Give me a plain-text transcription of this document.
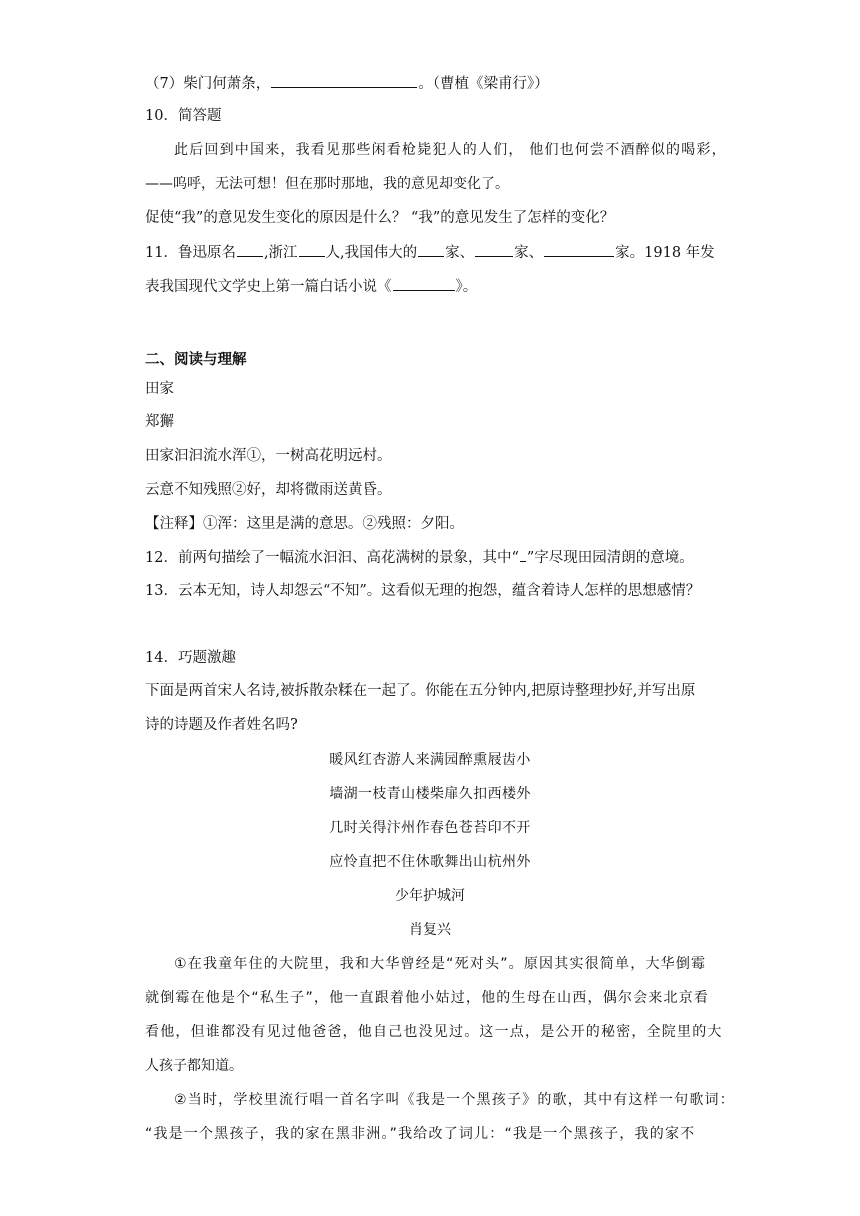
（7）柴门何萧条，	。（曹植《梁甫行》）
10．简答题
此后回到中国来，我看见那些闲看枪毙犯人的人们， 他们也何尝不酒醉似的喝彩，
——呜呼，无法可想！但在那时那地，我的意见却变化了。
促使“我”的意见发生变化的原因是什么？ “我”的意见发生了怎样的变化？
11．鲁迅原名 ,浙江 人,我国伟大的 家、	家、	家。1918 年发
表我国现代文学史上第一篇白话小说《	》。
二、阅读与理解
田家
郑獬
田家汩汩流水浑①，一树高花明远村。
云意不知残照②好，却将微雨送黄昏。
【注释】①浑：这里是满的意思。②残照：夕阳。
12．前两句描绘了一幅流水汩汩、高花满树的景象，其中“ ”字尽现田园清朗的意境。
13．云本无知，诗人却怨云“不知”。这看似无理的抱怨，蕴含着诗人怎样的思想感情？
14．巧题激趣
下面是两首宋人名诗,被拆散杂糅在一起了。你能在五分钟内,把原诗整理抄好,并写出原
诗的诗题及作者姓名吗?
暖风红杏游人来满园醉熏屐齿小
墙湖一枝青山楼柴扉久扣西楼外
几时关得汴州作春色苍苔印不开
应怜直把不住休歌舞出山杭州外
少年护城河
肖复兴
①在我童年住的大院里，我和大华曾经是“死对头”。原因其实很简单，大华倒霉
就倒霉在他是个“私生子”，他一直跟着他小姑过，他的生母在山西，偶尔会来北京看
看他，但谁都没有见过他爸爸，他自己也没见过。这一点，是公开的秘密，全院里的大
人孩子都知道。
②当时，学校里流行唱一首名字叫《我是一个黑孩子》的歌，其中有这样一句歌词：
“我是一个黑孩子，我的家在黑非洲。”我给改了词儿：“我是一个黑孩子，我的家不
